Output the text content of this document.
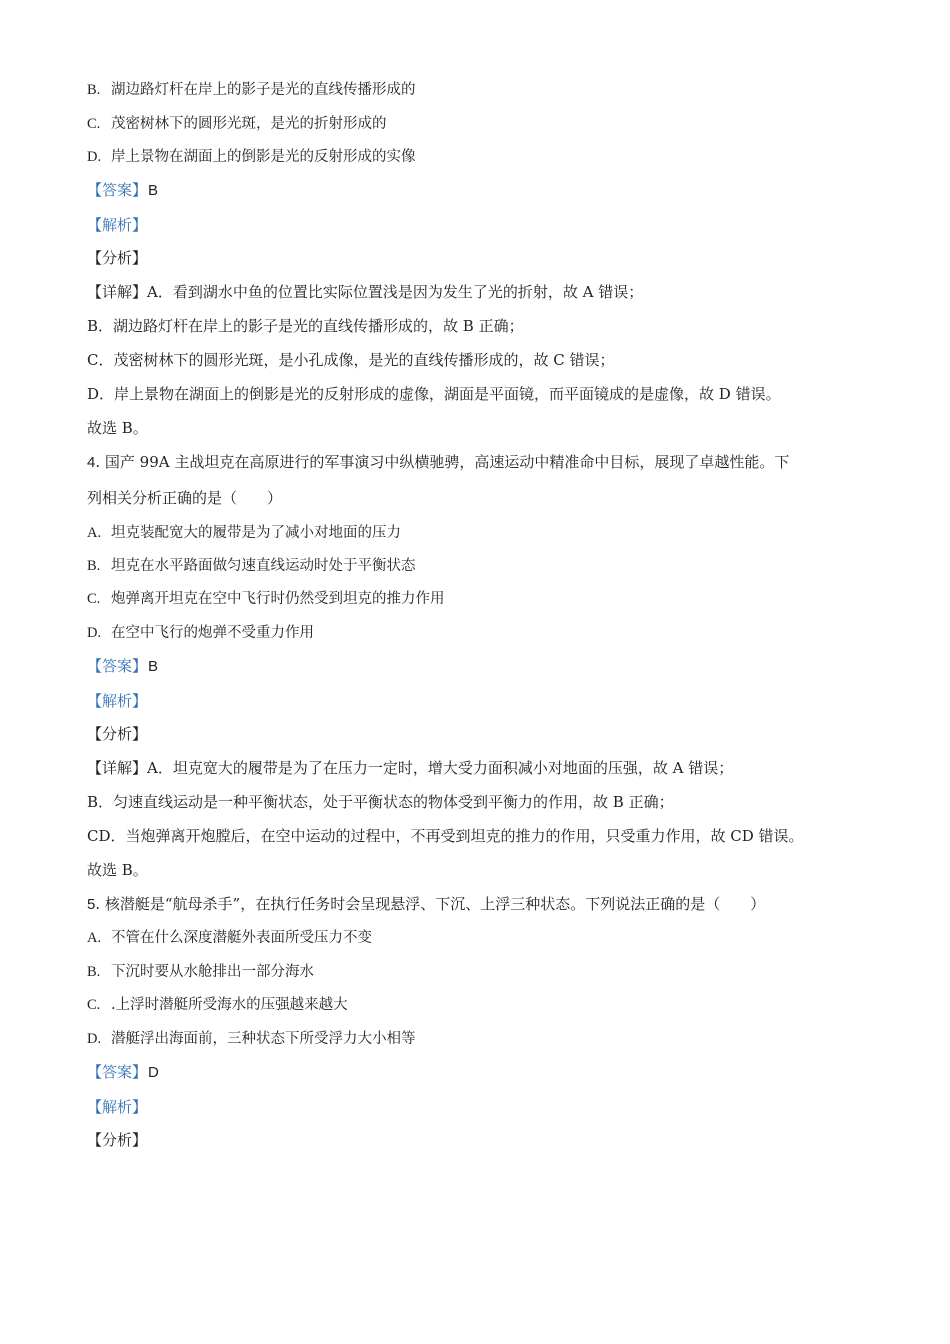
B. 湖边路灯杆在岸上的影子是光的直线传播形成的
C. 茂密树林下的圆形光斑，是光的折射形成的
D. 岸上景物在湖面上的倒影是光的反射形成的实像
【答案】B
【解析】
【分析】
【详解】A．看到湖水中鱼的位置比实际位置浅是因为发生了光的折射，故 A 错误；
B．湖边路灯杆在岸上的影子是光的直线传播形成的，故 B 正确；
C．茂密树林下的圆形光斑，是小孔成像，是光的直线传播形成的，故 C 错误；
D．岸上景物在湖面上的倒影是光的反射形成的虚像，湖面是平面镜，而平面镜成的是虚像，故 D 错误。
故选 B。
4. 国产 99A 主战坦克在高原进行的军事演习中纵横驰骋，高速运动中精准命中目标，展现了卓越性能。下
列相关分析正确的是（　　）
A. 坦克装配宽大的履带是为了减小对地面的压力
B. 坦克在水平路面做匀速直线运动时处于平衡状态
C. 炮弹离开坦克在空中飞行时仍然受到坦克的推力作用
D. 在空中飞行的炮弹不受重力作用
【答案】B
【解析】
【分析】
【详解】A．坦克宽大的履带是为了在压力一定时，增大受力面积减小对地面的压强，故 A 错误；
B．匀速直线运动是一种平衡状态，处于平衡状态的物体受到平衡力的作用，故 B 正确；
CD．当炮弹离开炮膛后，在空中运动的过程中，不再受到坦克的推力的作用，只受重力作用，故 CD 错误。
故选 B。
5. 核潜艇是“航母杀手”，在执行任务时会呈现悬浮、下沉、上浮三种状态。下列说法正确的是（　　）
A. 不管在什么深度潜艇外表面所受压力不变
B. 下沉时要从水舱排出一部分海水
C. .上浮时潜艇所受海水的压强越来越大
D. 潜艇浮出海面前，三种状态下所受浮力大小相等
【答案】D
【解析】
【分析】
